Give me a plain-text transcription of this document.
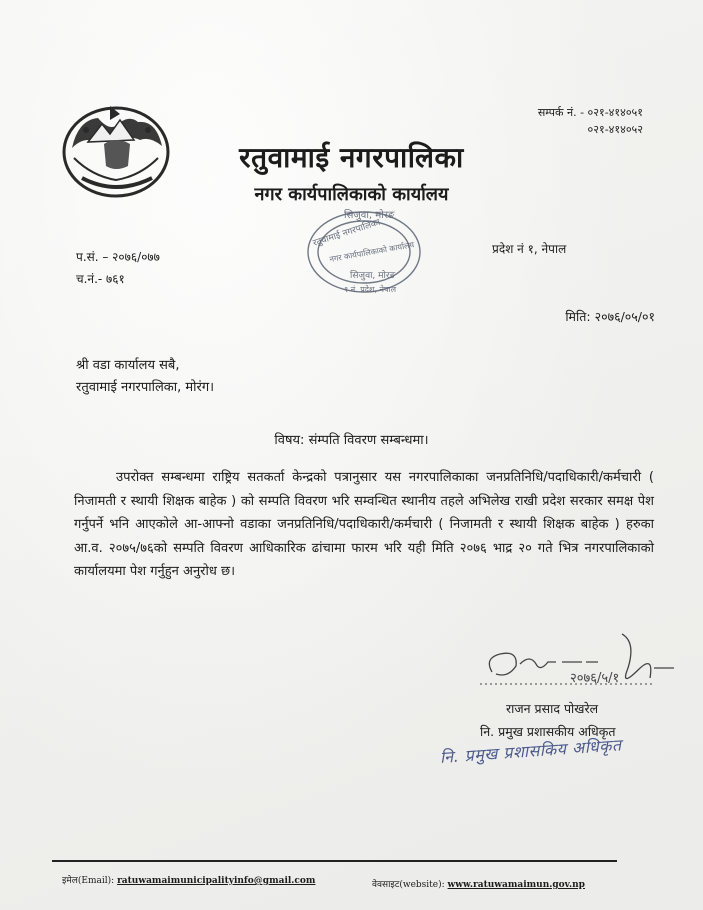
सम्पर्क नं. - ०२१-४१४०५१
०२१-४१४०५२
रतुवामाई नगरपालिका
नगर कार्यपालिकाको कार्यालय
सिजुवा, मोरङ
रतुवामाई नगरपालिका
नगर कार्यपालिकाको कार्यालय
सिजुवा, मोरङ
१ नं. प्रदेश, नेपाल
प्रदेश नं १, नेपाल
प.सं. – २०७६/०७७
च.नं.- ७६१
मिति: २०७६/०५/०१
श्री वडा कार्यालय सबै,
रतुवामाई नगरपालिका, मोरंग।
विषय: संम्पति विवरण सम्बन्धमा।
उपरोक्त सम्बन्धमा राष्ट्रिय सतकर्ता केन्द्रको पत्रानुसार यस नगरपालिकाका जनप्रतिनिधि/पदाधिकारी/कर्मचारी ( निजामती र स्थायी शिक्षक बाहेक ) को सम्पति विवरण भरि सम्वन्धित स्थानीय तहले अभिलेख राखी प्रदेश सरकार समक्ष पेश गर्नुपर्ने भनि आएकोले आ-आफ्नो वडाका जनप्रतिनिधि/पदाधिकारी/कर्मचारी ( निजामती र स्थायी शिक्षक बाहेक ) हरुका आ.व. २०७५/७६को सम्पति विवरण आधिकारिक ढांचामा फारम भरि यही मिति २०७६ भाद्र २० गते भित्र नगरपालिकाको कार्यालयमा पेश गर्नुहुन अनुरोध छ।
२०७६/५/१
राजन प्रसाद पोखरेल
नि. प्रमुख प्रशासकीय अधिकृत
नि. प्रमुख प्रशासकिय अधिकृत
इमेल(Email): ratuwamaimunicipalityinfo@gmail.com	वेवसाइट(website): www.ratuwamaimun.gov.np
